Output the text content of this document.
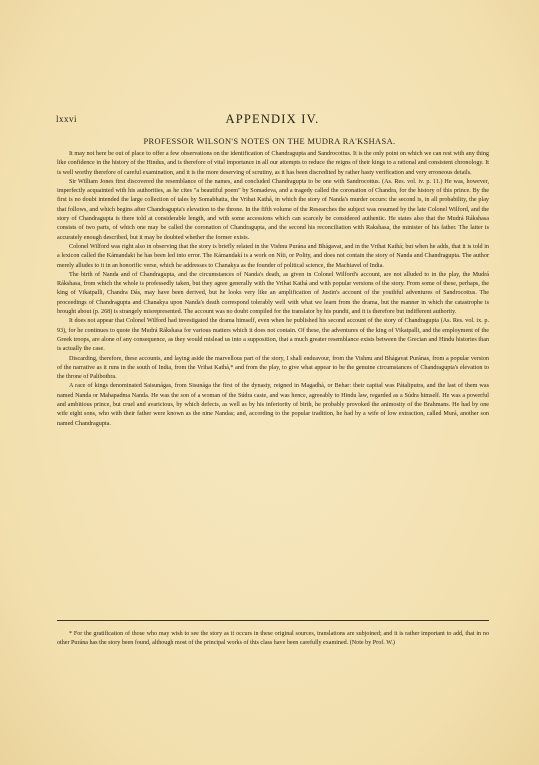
lxxvi	APPENDIX IV.
PROFESSOR WILSON'S NOTES ON THE MUDRA RA'KSHASA.

It may not here be out of place to offer a few observations on the identification of Chandragupta and Sandrocottus. It is the only point on which we can rest with any thing like confidence in the history of the Hindus, and is therefore of vital importance in all our attempts to reduce the reigns of their kings to a rational and consistent chronology. It is well worthy therefore of careful examination, and it is the more deserving of scrutiny, as it has been discredited by rather hasty verification and very erroneous details.

Sir William Jones first discovered the resemblance of the names, and concluded Chandragupta to be one with Sandrocottus. (As. Res. vol. iv. p. 11.) He was, however, imperfectly acquainted with his authorities, as he cites "a beautiful poem" by Somadeva, and a tragedy called the coronation of Chandra, for the history of this prince. By the first is no doubt intended the large collection of tales by Somabhatta, the Vrihat Kathá, in which the story of Nanda's murder occurs: the second is, in all probability, the play that follows, and which begins after Chandragupta's elevation to the throne. In the fifth volume of the Researches the subject was resumed by the late Colonel Wilford, and the story of Chandragupta is there told at considerable length, and with some accessions which can scarcely be considered authentic. He states also that the Mudrá Rákshasa consists of two parts, of which one may be called the coronation of Chandragupta, and the second his reconciliation with Rakshasa, the minister of his father. The latter is accurately enough described, but it may be doubted whether the former exists.

Colonel Wilford was right also in observing that the story is briefly related in the Vishnu Purána and Bhágavat, and in the Vrihat Kathá; but when he adds, that it is told in a lexicon called the Kámandaki he has been led into error. The Kámandakí is a work on Níti, or Polity, and does not contain the story of Nanda and Chandragupta. The author merely alludes to it in an honorific verse, which he addresses to Chanakya as the founder of political science, the Machiavel of India.

The birth of Nanda and of Chandragupta, and the circumstances of Nanda's death, as given in Colonel Wilford's account, are not alluded to in the play, the Mudrá Rákshasa, from which the whole is professedly taken, but they agree generally with the Vrihat Kathá and with popular versions of the story. From some of these, perhaps, the king of Vikatpalli, Chandra Dás, may have been derived, but he looks very like an amplification of Justin's account of the youthful adventures of Sandrocottus. The proceedings of Chandragupta and Chanakya upon Nanda's death correspond tolerably well with what we learn from the drama, but the manner in which the catastrophe is brought about (p. 268) is strangely misrepresented. The account was no doubt compiled for the translator by his pundit, and it is therefore but indifferent authority.

It does not appear that Colonel Wilford had investigated the drama himself, even when he published his second account of the story of Chandragupta (As. Res. vol. ix. p. 93), for he continues to quote the Mudrá Rákshasa for various matters which it does not contain. Of these, the adventures of the king of Vikatpalli, and the employment of the Greek troops, are alone of any consequence, as they would mislead us into a supposition, that a much greater resemblance exists between the Grecian and Hindu histories than is actually the case.

Discarding, therefore, these accounts, and laying aside the marvellous part of the story, I shall endeavour, from the Vishnu and Bhágavat Puránas, from a popular version of the narrative as it runs in the south of India, from the Vrihat Kathá,* and from the play, to give what appear to be the genuine circumstances of Chandragupta's elevation to the throne of Palibothra.

A race of kings denominated Saisunágas, from Sisunága the first of the dynasty, reigned in Magadhá, or Behar: their capital was Pátaliputra, and the last of them was named Nanda or Mahapadma Nanda. He was the son of a woman of the Súdra caste, and was hence, agreeably to Hindu law, regarded as a Súdra himself. He was a powerful and ambitious prince, but cruel and avaricious, by which defects, as well as by his inferiority of birth, he probably provoked the animosity of the Brahmans. He had by one wife eight sons, who with their father were known as the nine Nandas; and, according to the popular tradition, he had by a wife of low extraction, called Murá, another son named Chandragupta.

* For the gratification of those who may wish to see the story as it occurs in these original sources, translations are subjoined; and it is rather important to add, that in no other Purána has the story been found, although most of the principal works of this class have been carefully examined. (Note by Prof. W.)
